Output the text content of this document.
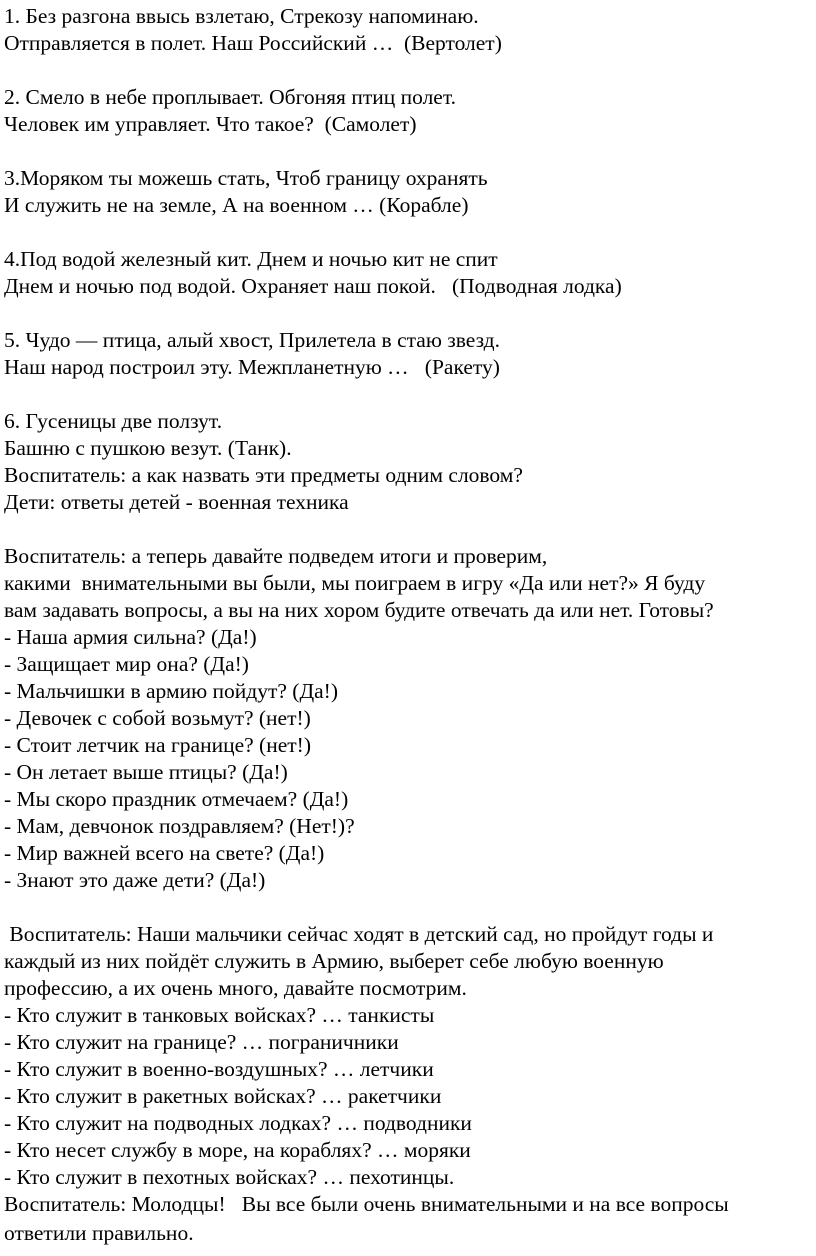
1. Без разгона ввысь взлетаю, Стрекозу напоминаю.
Отправляется в полет. Наш Российский …  (Вертолет)
2. Смело в небе проплывает. Обгоняя птиц полет.
Человек им управляет. Что такое?  (Самолет)
3.Моряком ты можешь стать, Чтоб границу охранять
И служить не на земле, А на военном … (Корабле)
4.Под водой железный кит. Днем и ночью кит не спит
Днем и ночью под водой. Охраняет наш покой.   (Подводная лодка)
5. Чудо — птица, алый хвост, Прилетела в стаю звезд.
Наш народ построил эту. Межпланетную …   (Ракету)
6. Гусеницы две ползут.
Башню с пушкою везут. (Танк).
Воспитатель: а как назвать эти предметы одним словом?
Дети: ответы детей - военная техника
Воспитатель: а теперь давайте подведем итоги и проверим,
какими  внимательными вы были, мы поиграем в игру «Да или нет?» Я буду
вам задавать вопросы, а вы на них хором будите отвечать да или нет. Готовы?
- Наша армия сильна? (Да!)
- Защищает мир она? (Да!)
- Мальчишки в армию пойдут? (Да!)
- Девочек с собой возьмут? (нет!)
- Стоит летчик на границе? (нет!)
- Он летает выше птицы? (Да!)
- Мы скоро праздник отмечаем? (Да!)
- Мам, девчонок поздравляем? (Нет!)?
- Мир важней всего на свете? (Да!)
- Знают это даже дети? (Да!)
Воспитатель: Наши мальчики сейчас ходят в детский сад, но пройдут годы и
каждый из них пойдёт служить в Армию, выберет себе любую военную
профессию, а их очень много, давайте посмотрим.
- Кто служит в танковых войсках? … танкисты
- Кто служит на границе? … пограничники
- Кто служит в военно-воздушных? … летчики
- Кто служит в ракетных войсках? … ракетчики
- Кто служит на подводных лодках? … подводники
- Кто несет службу в море, на кораблях? … моряки
- Кто служит в пехотных войсках? … пехотинцы.
Воспитатель: Молодцы!   Вы все были очень внимательными и на все вопросы
ответили правильно.
